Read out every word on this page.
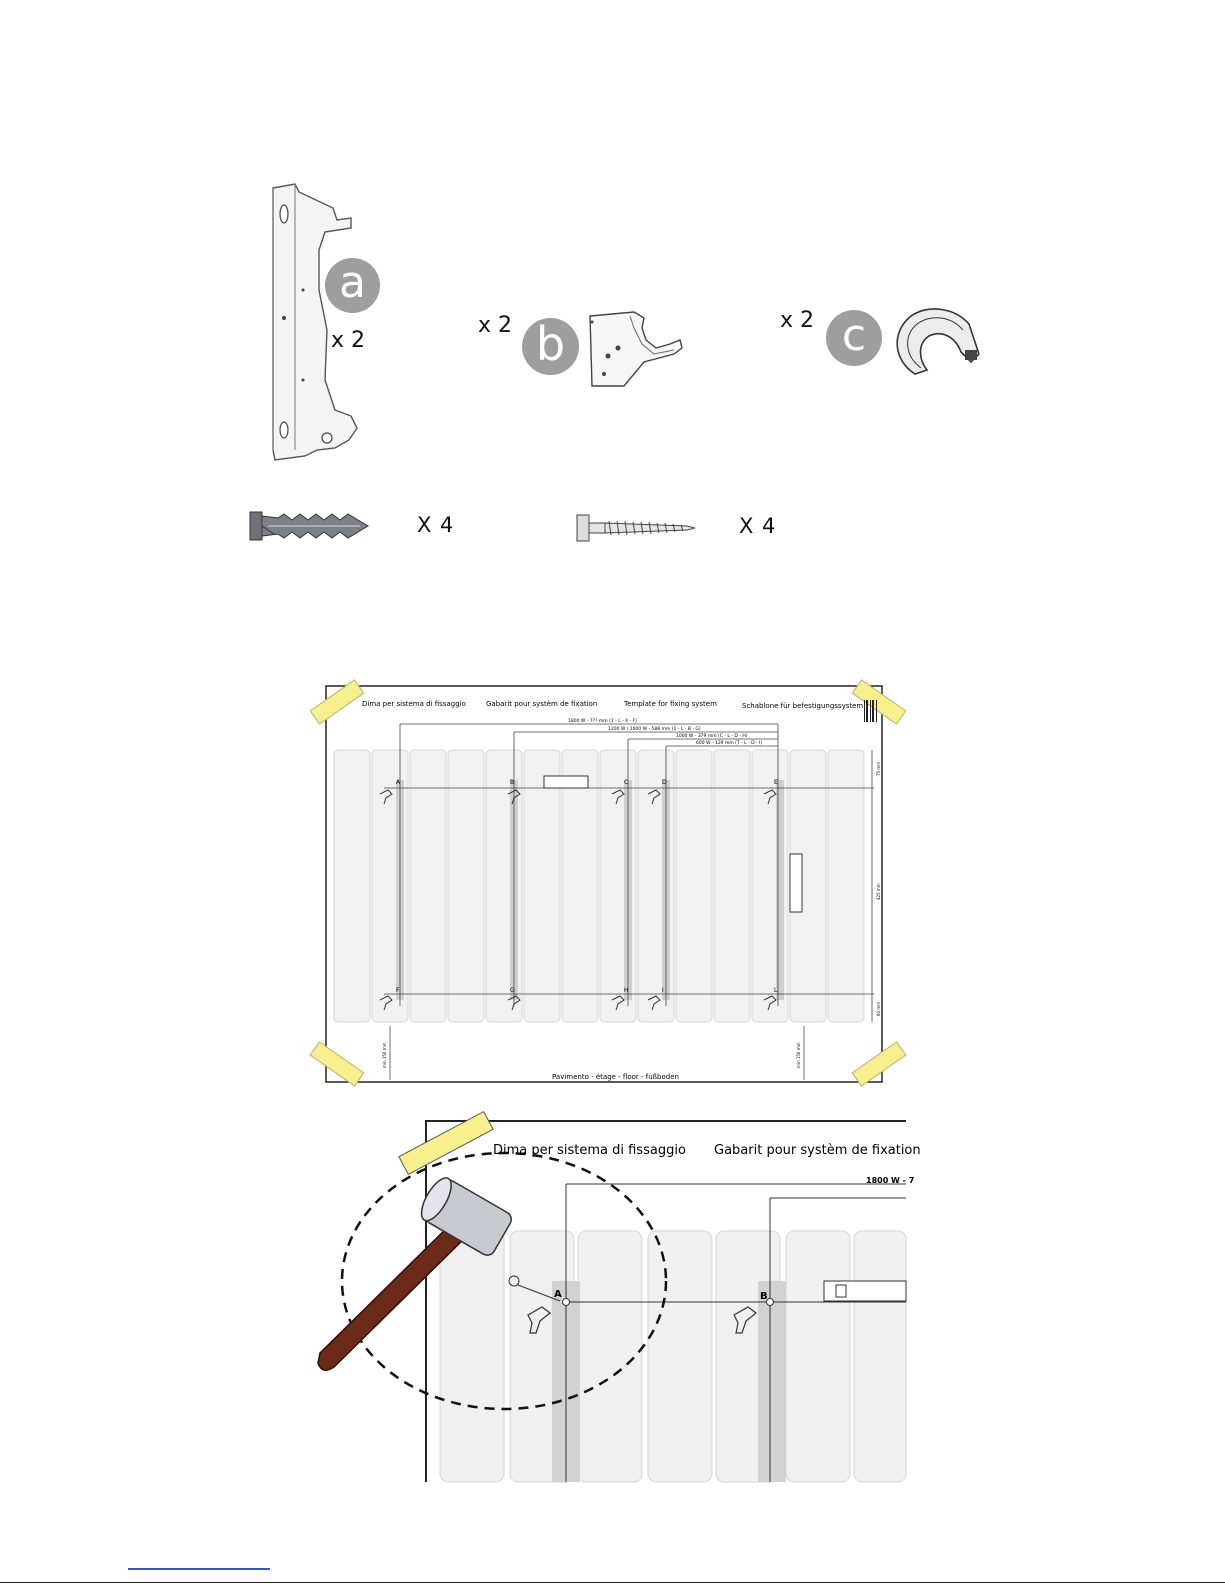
a
x 2
x 2 b	x 2 c
X 4	X 4
Dima per sistema di fissaggio	Gabarit pour systèm de fixation	Template for fixing system	Schablone für befestigungssystem
1800 W - 7?? mm (1 - L - 4 - F)
1200 W / 1000 W - 588 mm (1 - L - B - G)
1000 W - 379 mm (C - L - D - H)
600 W - 129 mm (T - L - D - I)
A	B	C	D	E
F	G	H	I	L
75 mm
425 mm
60 mm
min 150 mm	min 150 mm
Pavimento - étage - floor - fußboden
Dima per sistema di fissaggio Gabarit pour systèm de fixation
1800 W - 7
A	B
